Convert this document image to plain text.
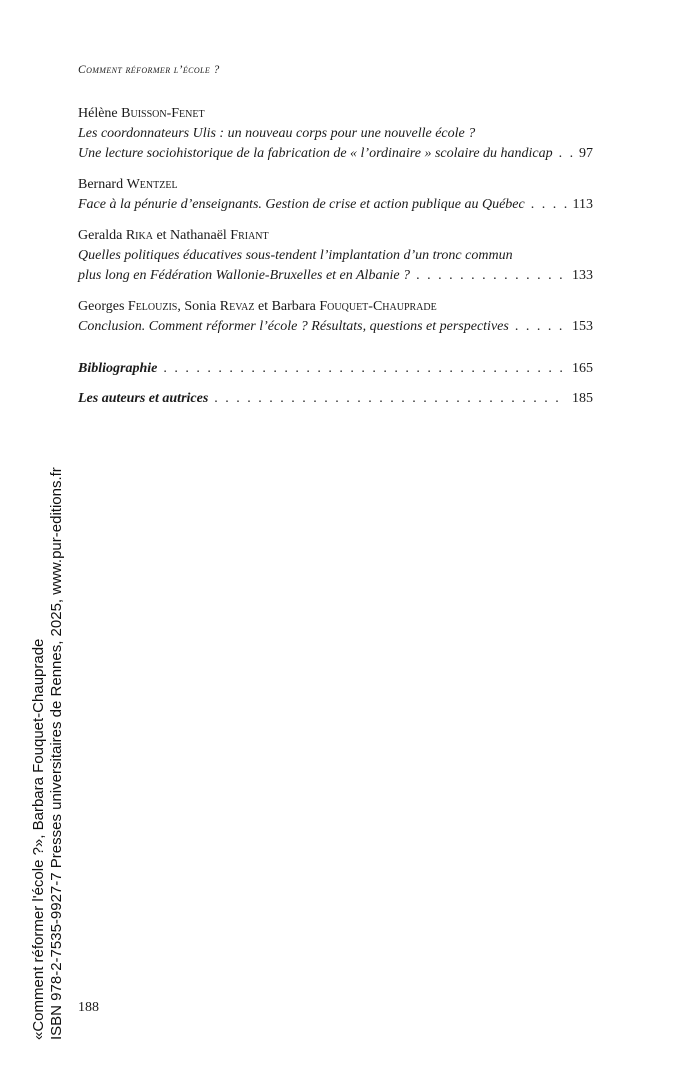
Comment réformer l’école ?
Hélène Buisson-Fenet
Les coordonnateurs Ulis : un nouveau corps pour une nouvelle école ?
Une lecture sociohistorique de la fabrication de « l’ordinaire » scolaire du handicap . . . 97
Bernard Wentzel
Face à la pénurie d’enseignants. Gestion de crise et action publique au Québec . . .	113
Geralda Rika et Nathanaël Friant
Quelles politiques éducatives sous-tendent l’implantation d’un tronc commun
plus long en Fédération Wallonie-Bruxelles et en Albanie ? . . .	133
Georges Felouzis, Sonia Revaz et Barbara Fouquet-Chauprade
Conclusion. Comment réformer l’école ? Résultats, questions et perspectives . . .	153
Bibliographie . . .	165
Les auteurs et autrices . . .	185
188
«Comment réformer l'école ?», Barbara Fouquet-Chauprade ISBN 978-2-7535-9927-7 Presses universitaires de Rennes, 2025, www.pur-editions.fr
